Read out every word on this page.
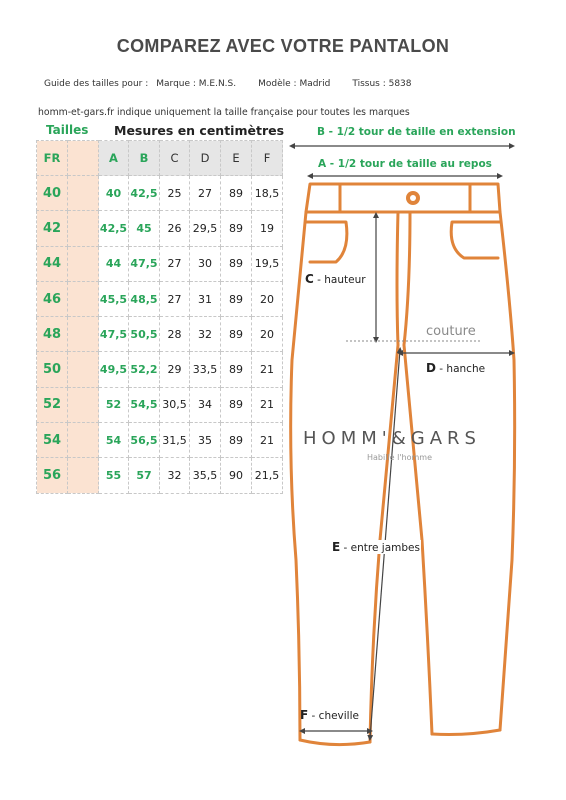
COMPAREZ AVEC VOTRE PANTALON
Guide des tailles pour : Marque : M.E.N.S. Modèle : Madrid Tissus : 5838
homm-et-gars.fr indique uniquement la taille française pour toutes les marques
Tailles Mesures en centimètres
FR		A	B	C	D	E	F
40		40	42,5	25	27	89	18,5
42		42,5	45	26	29,5	89	19
44		44	47,5	27	30	89	19,5
46		45,5	48,5	27	31	89	20
48		47,5	50,5	28	32	89	20
50		49,5	52,2	29	33,5	89	21
52		52	54,5	30,5	34	89	21
54		54	56,5	31,5	35	89	21
56		55	57	32	35,5	90	21,5
B - 1/2 tour de taille en extension
A - 1/2 tour de taille au repos
C - hauteur
couture
D - hanche
HOMM'&GARS
Habille l'homme
E - entre jambes
F - cheville
